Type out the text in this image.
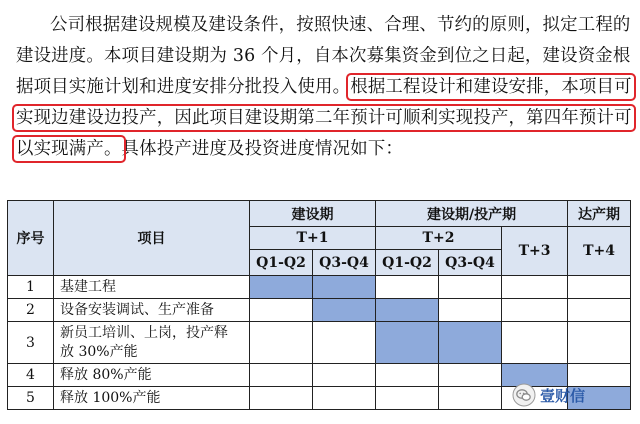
公司根据建设规模及建设条件，按照快速、合理、节约的原则，拟定工程的
建设进度。本项目建设期为 36 个月，自本次募集资金到位之日起，建设资金根
据项目实施计划和进度安排分批投入使用。根据工程设计和建设安排，本项目可
实现边建设边投产，因此项目建设期第二年预计可顺利实现投产，第四年预计可
以实现满产。具体投产进度及投资进度情况如下：
序号	项目	建设期		建设期/投产期			达产期
		T+1		T+2		T+3	T+4
		Q1-Q2	Q3-Q4	Q1-Q2	Q3-Q4		
1	基建工程						
2	设备安装调试、生产准备						
3	新员工培训、上岗，投产释
放 30%产能						
4	释放 80%产能						
5	释放 100%产能							壹财信
